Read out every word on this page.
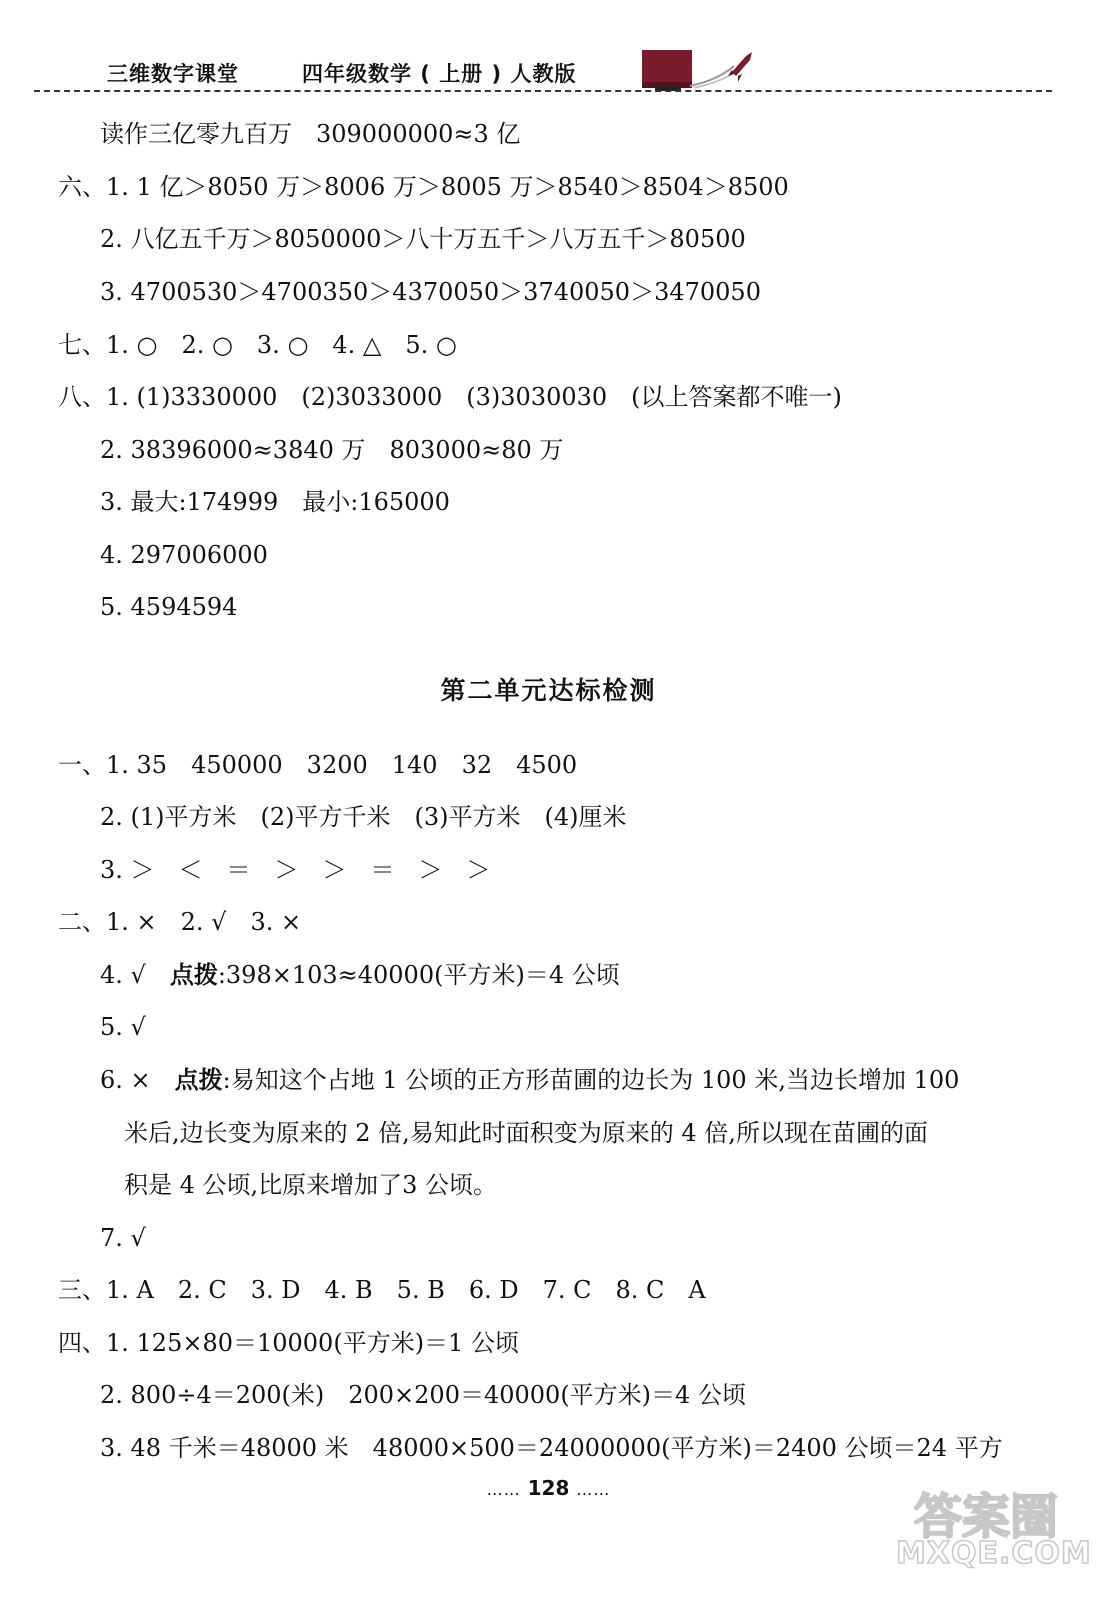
三维数字课堂	四年级数学 ( 上册 ) 人教版
读作三亿零九百万　309000000≈3 亿
六、1. 1 亿＞8050 万＞8006 万＞8005 万＞8540＞8504＞8500
2. 八亿五千万＞8050000＞八十万五千＞八万五千＞80500
3. 4700530＞4700350＞4370050＞3740050＞3470050
七、1. ○　2. ○　3. ○　4. △　5. ○
八、1. (1)3330000　(2)3033000　(3)3030030　(以上答案都不唯一)
2. 38396000≈3840 万　803000≈80 万
3. 最大:174999　最小:165000
4. 297006000
5. 4594594
第二单元达标检测
一、1. 35　450000　3200　140　32　4500
2. (1)平方米　(2)平方千米　(3)平方米　(4)厘米
3. ＞　＜　＝　＞　＞　＝　＞　＞
二、1. ×　2. √　3. ×
4. √　点拨:398×103≈40000(平方米)＝4 公顷
5. √
6. ×　点拨:易知这个占地 1 公顷的正方形苗圃的边长为 100 米,当边长增加 100
米后,边长变为原来的 2 倍,易知此时面积变为原来的 4 倍,所以现在苗圃的面
积是 4 公顷,比原来增加了3 公顷。
7. √
三、1. A　2. C　3. D　4. B　5. B　6. D　7. C　8. C　A
四、1. 125×80＝10000(平方米)＝1 公顷
2. 800÷4＝200(米)　200×200＝40000(平方米)＝4 公顷
3. 48 千米＝48000 米　48000×500＝24000000(平方米)＝2400 公顷＝24 平方
…… 128 ……	答案圈
MXQE.COM
